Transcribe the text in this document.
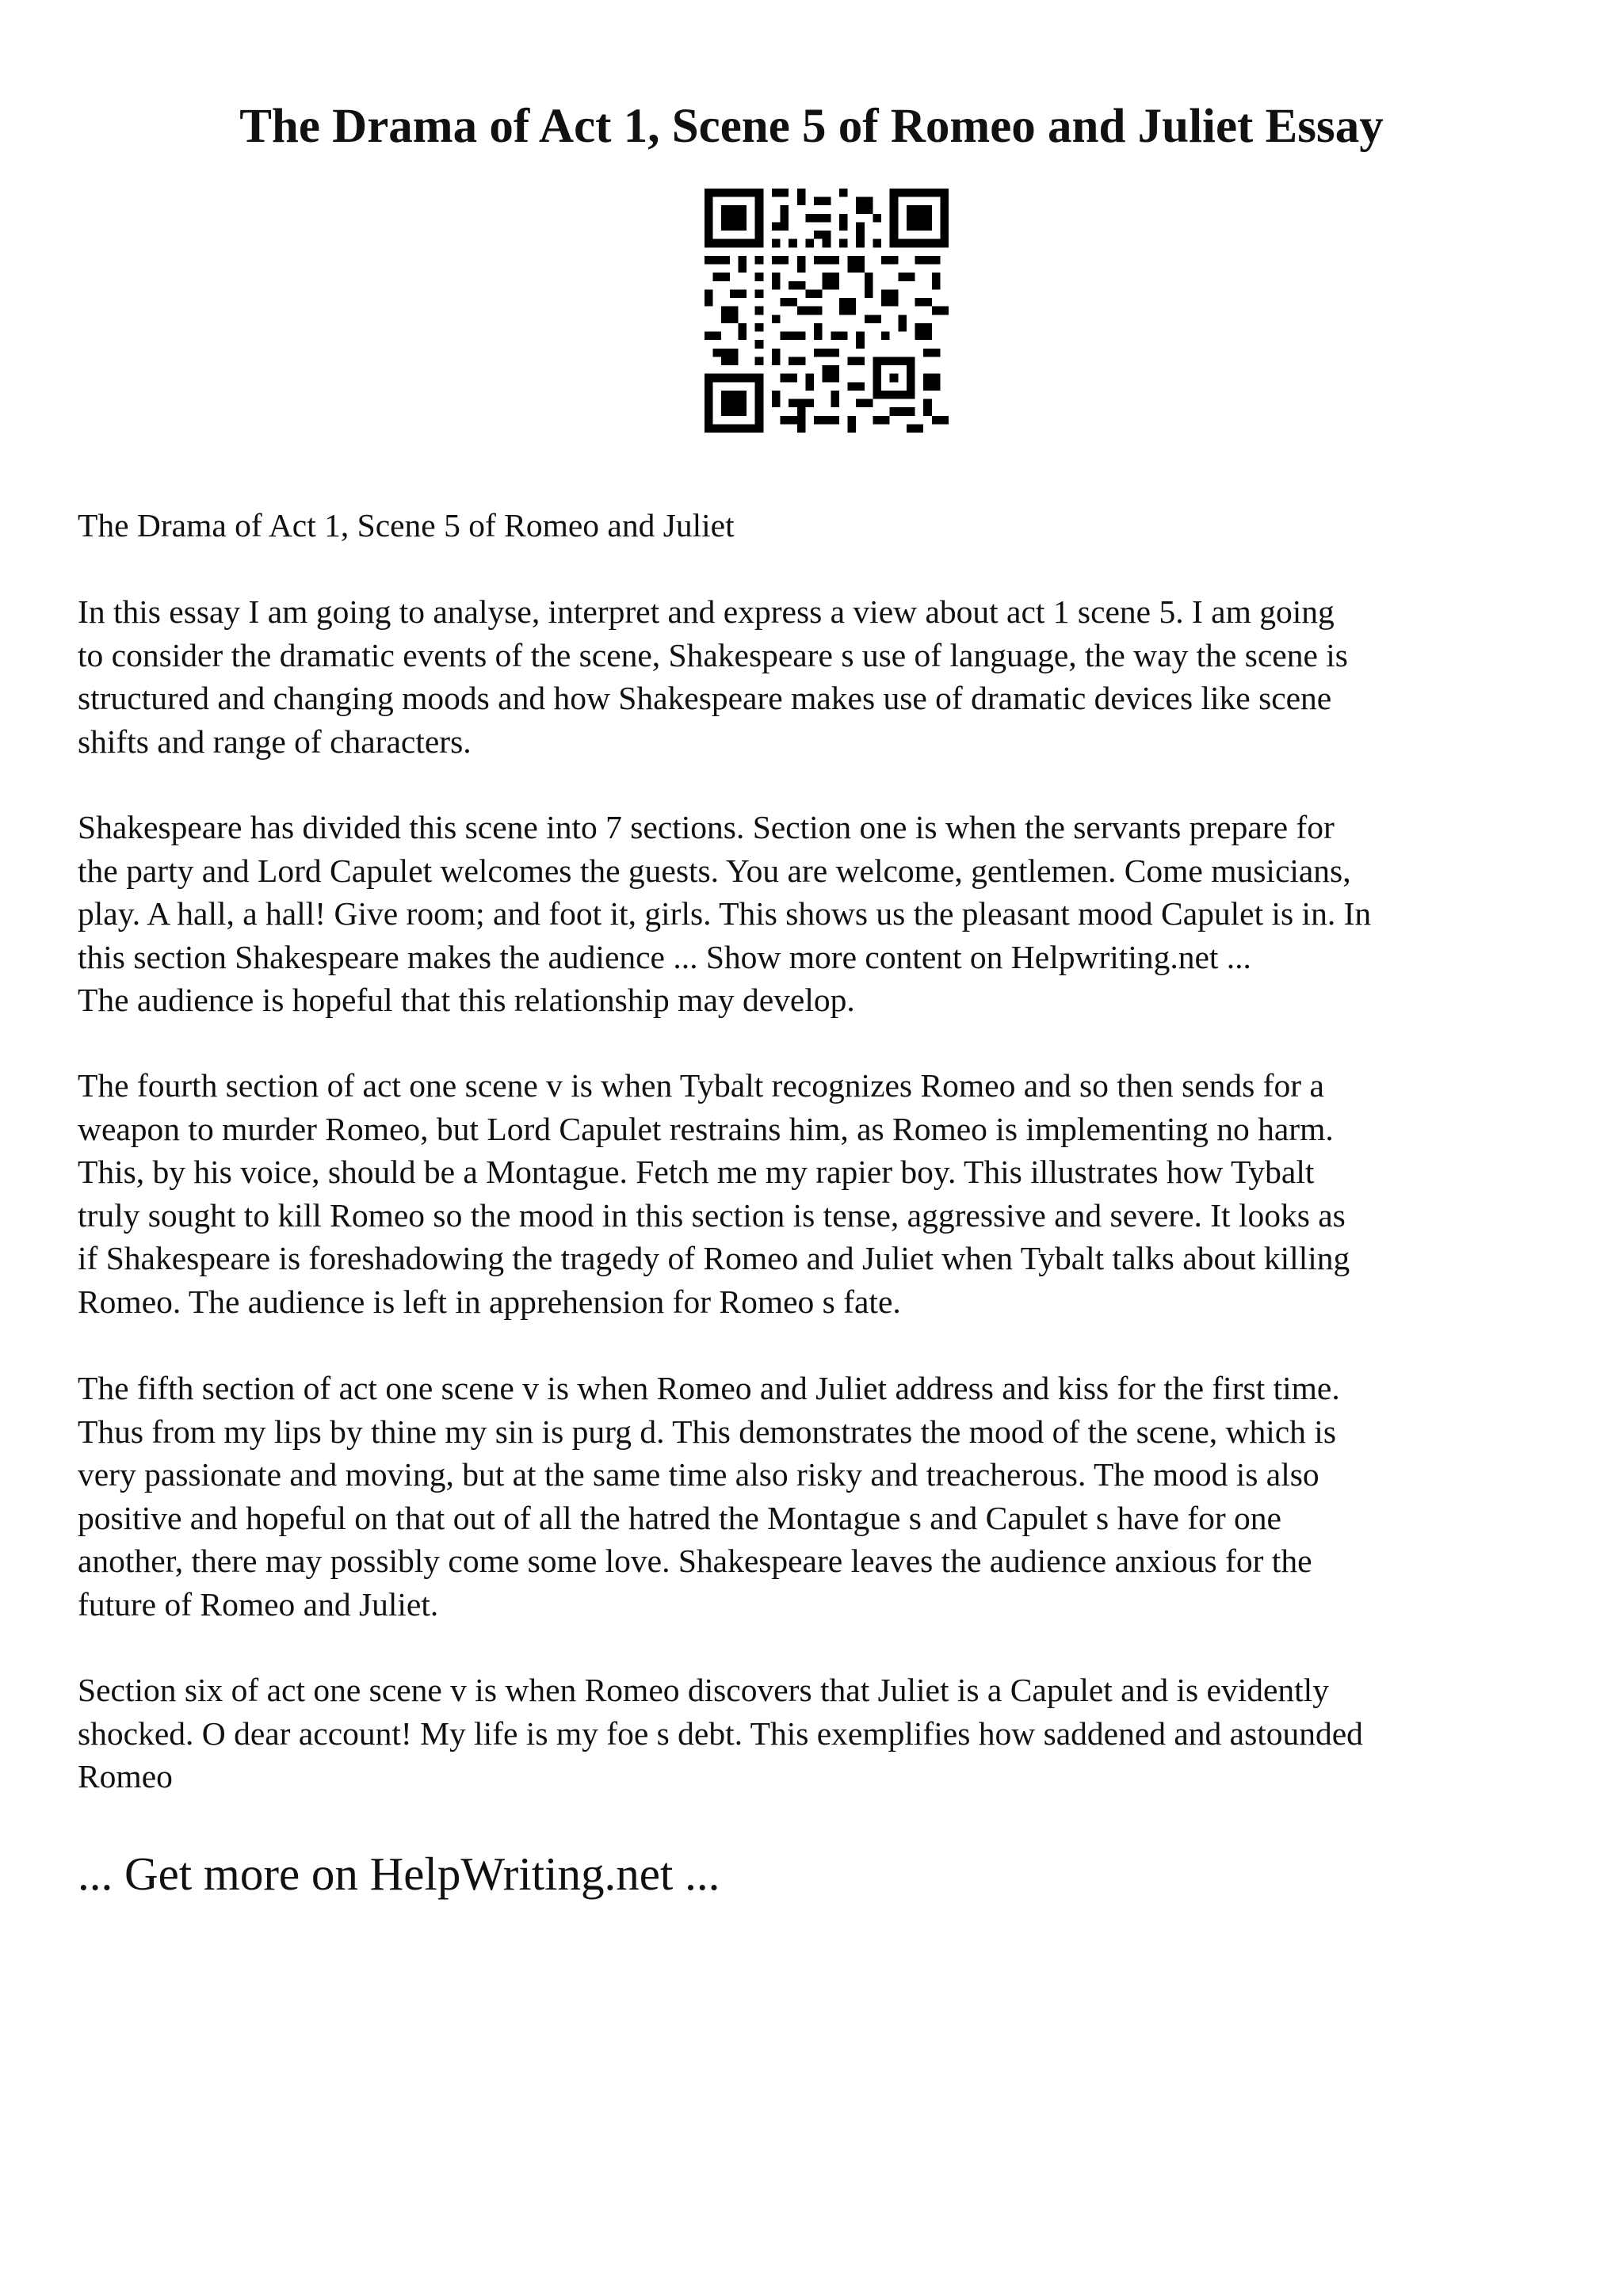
The Drama of Act 1, Scene 5 of Romeo and Juliet Essay

The Drama of Act 1, Scene 5 of Romeo and Juliet

In this essay I am going to analyse, interpret and express a view about act 1 scene 5. I am going
to consider the dramatic events of the scene, Shakespeare s use of language, the way the scene is
structured and changing moods and how Shakespeare makes use of dramatic devices like scene
shifts and range of characters.

Shakespeare has divided this scene into 7 sections. Section one is when the servants prepare for
the party and Lord Capulet welcomes the guests. You are welcome, gentlemen. Come musicians,
play. A hall, a hall! Give room; and foot it, girls. This shows us the pleasant mood Capulet is in. In
this section Shakespeare makes the audience ... Show more content on Helpwriting.net ...
The audience is hopeful that this relationship may develop.

The fourth section of act one scene v is when Tybalt recognizes Romeo and so then sends for a
weapon to murder Romeo, but Lord Capulet restrains him, as Romeo is implementing no harm.
This, by his voice, should be a Montague. Fetch me my rapier boy. This illustrates how Tybalt
truly sought to kill Romeo so the mood in this section is tense, aggressive and severe. It looks as
if Shakespeare is foreshadowing the tragedy of Romeo and Juliet when Tybalt talks about killing
Romeo. The audience is left in apprehension for Romeo s fate.

The fifth section of act one scene v is when Romeo and Juliet address and kiss for the first time.
Thus from my lips by thine my sin is purg d. This demonstrates the mood of the scene, which is
very passionate and moving, but at the same time also risky and treacherous. The mood is also
positive and hopeful on that out of all the hatred the Montague s and Capulet s have for one
another, there may possibly come some love. Shakespeare leaves the audience anxious for the
future of Romeo and Juliet.

Section six of act one scene v is when Romeo discovers that Juliet is a Capulet and is evidently
shocked. O dear account! My life is my foe s debt. This exemplifies how saddened and astounded
Romeo

... Get more on HelpWriting.net ...
